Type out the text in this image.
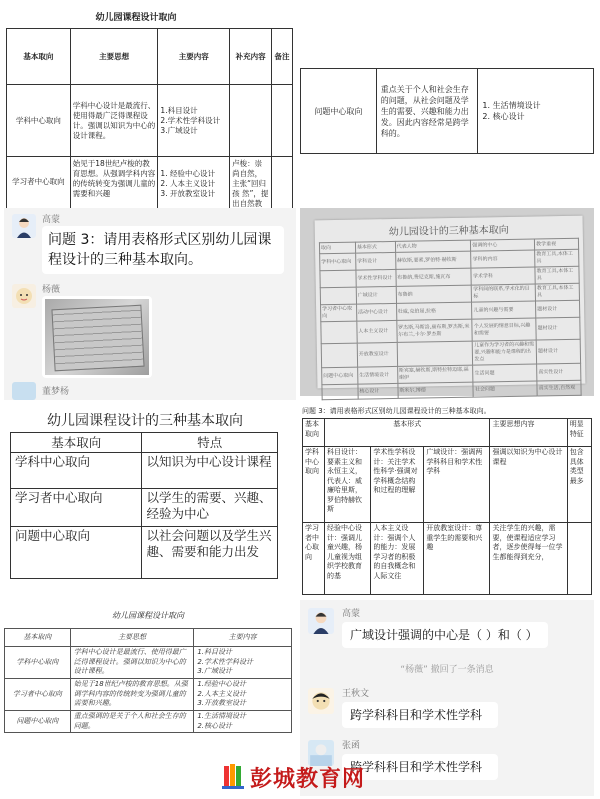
幼儿园课程设计取向
基本取向	主要思想	主要内容	补充内容	备注
学科中心取向	学科中心设计是最流行、使用得最广泛得课程设计。强调以知识为中心的设计课程。	1.科目设计
2.学术性学科设计
3.广域设计		
学习者中心取向	始见于18世纪卢梭的教育思想。从强调学科内容的传统转变为强调儿童的需要和兴趣	1. 经验中心设计
2. 人本主义设计
3. 开放教室设计	卢梭：崇尚自然，主张“回归 孩 然”，提出自然教	
问题中心取向	重点关于个人和社会生存的问题，从社会问题及学生的需要、兴趣和能力出发。因此内容经常是跨学科的。	1. 生活情境设计
2. 核心设计
高蒙
问题 3：请用表格形式区别幼儿园课程设计的三种基本取向。
杨薇
董梦杨
幼儿园设计的三种基本取向
取向	基本形式	代表人物	强调的中心	教学重视
学科中心取向	学科设计	赫钦斯,要素,罗伯特·赫钦斯	学科的内容	教育工具,本体工具
	学术性学科设计	布鲁纳,费尼克斯,施瓦布	学术学科	教育工具,本体工具
	广域设计	布鲁纳	学科间的联系,学术化的目标	教育工具,本体工具
学习者中心取向	活动中心设计	杜威,克伯屈,拉格	儿童的兴趣与需要	题材设计
	人本主义设计	罗杰斯,马斯洛,康布斯,罗杰斯,米尔布兰,卡尔·罗杰斯	个人发展的情意目标,兴趣和需要	题材设计
	开放教室设计		儿童作为学习者的兴趣和需要,兴趣和能力是课程的出发点	题材设计
问题中心取向	生活情境设计	斯宾塞,赫钦斯,斯特拉特迈耶,福谢伊	生活问题	真实性设计
	核心设计	斯米尔,博德	社会问题	真实生活,自然观
幼儿园课程设计的三种基本取向
基本取向	特点
学科中心取向	以知识为中心设计课程
学习者中心取向	以学生的需要、兴趣、经验为中心
问题中心取向	以社会问题以及学生兴趣、需要和能力出发
问题 3：请用表格形式区别幼儿园课程设计的三种基本取向。
基本取向	基本形式			主要思想内容	明显特征
学科中心取向	科目设计：要素主义和永恒主义，代表人：威廉哈里斯，罗伯特赫钦斯	学术性学科设计：关注学术性科学·强调对学科概念结构和过程的理解	广域设计：强调两学科科目和学术性学科	强调以知识为中心设计课程	包含具体类型最多
学习者中心取向	经验中心设计：强调儿童兴趣，杨儿童视为组织学校教育的基	人本主义设计：强调个人的能力：发展学习者的积极的自我概念和人际文往	开放教室设计：尊重学生的需要和兴趣	关注学生的兴趣，需要，使课程适应学习者，逐步使得每一位学生都能得到充分，	
幼儿园课程设计取向
基本取向	主要思想	主要内容
学科中心取向	学科中心设计是最流行、使用得最广泛得课程设计。强调以知识为中心的设计课程。	1.科目设计
2.学术性学科设计
3.广域设计
学习者中心取向	始见于18世纪卢梭的教育思想。从强调学科内容的传统转变为强调儿童的需要和兴趣。	1.经验中心设计
2.人本主义设计
3.开放教室设计
问题中心取向	重点强调的是关于个人和社会生存的问题。	1.生活情境设计
2.核心设计
高蒙
广域设计强调的中心是（ ）和（ ）
“杨薇” 撤回了一条消息
王秋文
跨学科科目和学术性学科
张函
跨学科科目和学术性学科
彭城教育网
